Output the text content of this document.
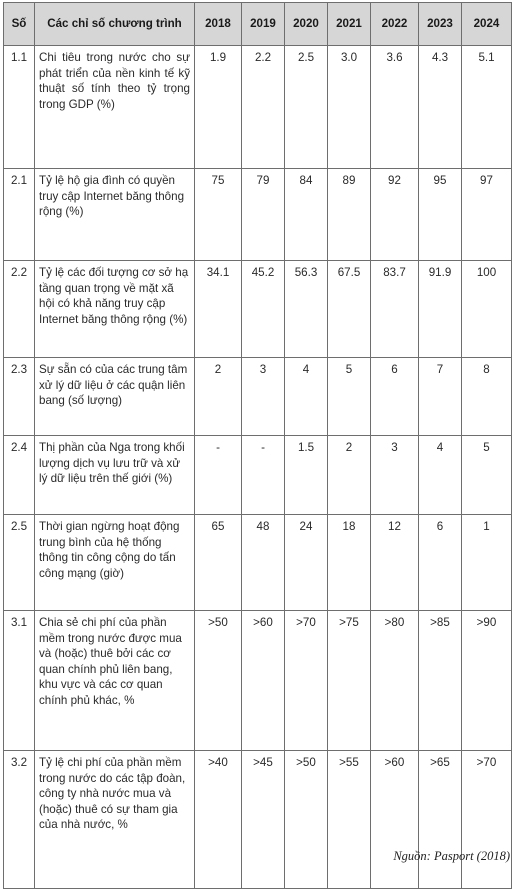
Số	Các chỉ số chương trình	2018	2019	2020	2021	2022	2023	2024
1.1	Chi tiêu trong nước cho sự phát triển của nền kinh tế kỹ thuật số tính theo tỷ trọng trong GDP (%)	1.9	2.2	2.5	3.0	3.6	4.3	5.1
2.1	Tỷ lệ hộ gia đình có quyền truy cập Internet băng thông rộng (%)	75	79	84	89	92	95	97
2.2	Tỷ lệ các đối tượng cơ sở hạ tầng quan trọng về mặt xã hội có khả năng truy cập Internet băng thông rộng (%)	34.1	45.2	56.3	67.5	83.7	91.9	100
2.3	Sự sẵn có của các trung tâm xử lý dữ liệu ở các quận liên bang (số lượng)	2	3	4	5	6	7	8
2.4	Thị phần của Nga trong khối lượng dịch vụ lưu trữ và xử lý dữ liệu trên thế giới (%)	-	-	1.5	2	3	4	5
2.5	Thời gian ngừng hoạt động trung bình của hệ thống thông tin công cộng do tấn công mạng (giờ)	65	48	24	18	12	6	1
3.1	Chia sẻ chi phí của phần mềm trong nước được mua và (hoặc) thuê bởi các cơ quan chính phủ liên bang, khu vực và các cơ quan chính phủ khác, %	>50	>60	>70	>75	>80	>85	>90
3.2	Tỷ lệ chi phí của phần mềm trong nước do các tập đoàn, công ty nhà nước mua và (hoặc) thuê có sự tham gia của nhà nước, %	>40	>45	>50	>55	>60	>65	>70
Nguồn: Pasport (2018)
